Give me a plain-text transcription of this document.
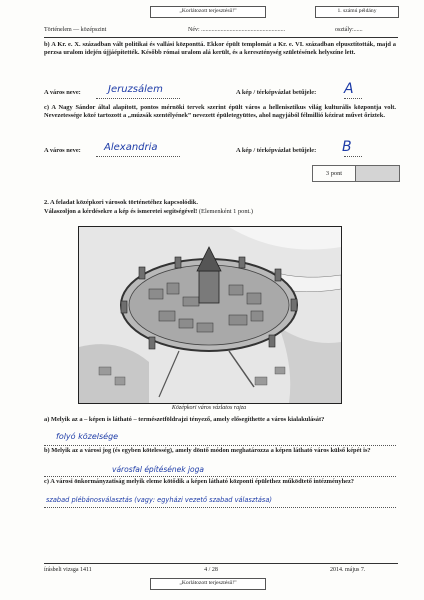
„Korlátozott terjesztésű!”	1. számú példány
Történelem — középszint	Név: ........................................................	osztály:......
b) A Kr. e. X. században vált politikai és vallási központtá. Ekkor épült templomát a Kr. e. VI. században elpusztították, majd a perzsa uralom idején újjáépítették. Később római uralom alá került, és a kereszténység születésének helyszíne lett.
A város neve:	Jeruzsálem	A kép / térképvázlat betűjele: A
c) A Nagy Sándor által alapított, pontos mérnöki tervek szerint épült város a hellenisztikus világ kulturális központja volt. Nevezetessége közé tartozott a „múzsák szentélyének” nevezett épületegyüttes, ahol nagyjából félmillió kézirat művet őriztek.
A város neve: Alexandria	A kép / térképvázlat betűjele: B
3 pont
2. A feladat középkori városok történetéhez kapcsolódik.
Válaszoljon a kérdésekre a kép és ismeretei segítségével! (Elemenként 1 pont.)
Középkori város vázlatos rajza
a) Melyik az a – képen is látható – természetföldrajzi tényező, amely elősegíthette a város kialakulását?
folyó közelsége
b) Melyik az a városi jog (és egyben kötelesség), amely döntő módon meghatározza a képen látható város külső képét is?
városfal építésének joga
c) A városi önkormányzatiság melyik eleme kötődik a képen látható központi épülethez működtető intézményhez?
szabad plébánosválasztás (vagy: egyházi vezető szabad választása)
írásbeli vizsga 1411	4 / 28	2014. május 7.
„Korlátozott terjesztésű!”
